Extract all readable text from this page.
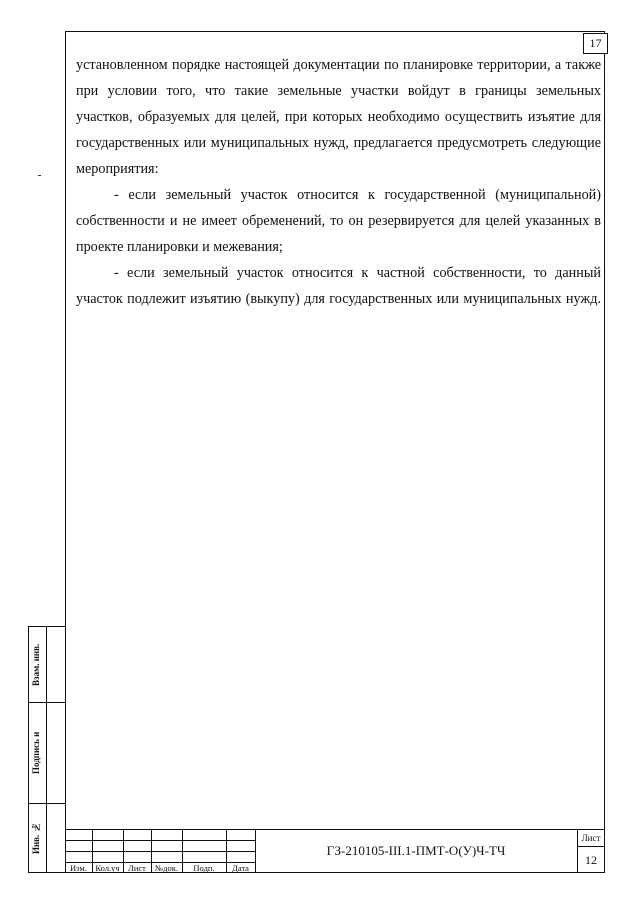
17
установленном порядке настоящей документации по планировке территории, а также
при условии того, что такие земельные участки войдут в границы земельных
участков, образуемых для целей, при которых необходимо осуществить изъятие для
государственных или муниципальных нужд, предлагается предусмотреть следующие
мероприятия:
- если земельный участок относится к государственной (муниципальной)
собственности и не имеет обременений, то он резервируется для целей указанных в
проекте планировки и межевания;
- если земельный участок относится к частной собственности, то данный
участок подлежит изъятию (выкупу) для государственных или муниципальных нужд.
Взам. инв.
Подпись и
Инв. №
Изм. Кол.уч Лист	№док.	Подп.	Дата
ГЗ-210105-III.1-ПМТ-О(У)Ч-ТЧ
Лист
12
